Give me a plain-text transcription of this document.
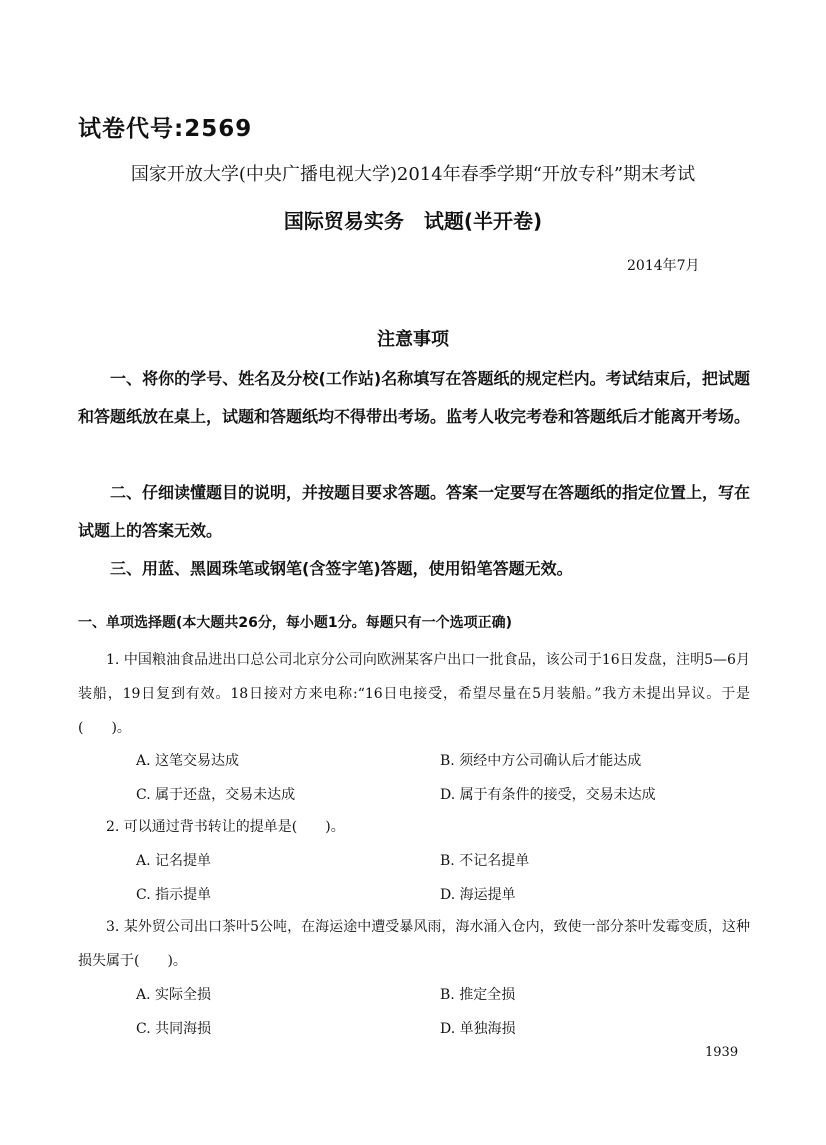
试卷代号:2569
国家开放大学(中央广播电视大学)2014年春季学期“开放专科”期末考试
国际贸易实务　试题(半开卷)
2014年7月
注意事项
一、将你的学号、姓名及分校(工作站)名称填写在答题纸的规定栏内。考试结束后，把试题和答题纸放在桌上，试题和答题纸均不得带出考场。监考人收完考卷和答题纸后才能离开考场。
二、仔细读懂题目的说明，并按题目要求答题。答案一定要写在答题纸的指定位置上，写在试题上的答案无效。
三、用蓝、黑圆珠笔或钢笔(含签字笔)答题，使用铅笔答题无效。
一、单项选择题(本大题共26分，每小题1分。每题只有一个选项正确)
1. 中国粮油食品进出口总公司北京分公司向欧洲某客户出口一批食品，该公司于16日发盘，注明5—6月装船，19日复到有效。18日接对方来电称:“16日电接受，希望尽量在5月装船。”我方未提出异议。于是(　　)。
A. 这笔交易达成	B. 须经中方公司确认后才能达成
C. 属于还盘，交易未达成	D. 属于有条件的接受，交易未达成
2. 可以通过背书转让的提单是(　　)。
A. 记名提单	B. 不记名提单
C. 指示提单	D. 海运提单
3. 某外贸公司出口茶叶5公吨，在海运途中遭受暴风雨，海水涌入仓内，致使一部分茶叶发霉变质，这种损失属于(　　)。
A. 实际全损	B. 推定全损
C. 共同海损	D. 单独海损
1939
